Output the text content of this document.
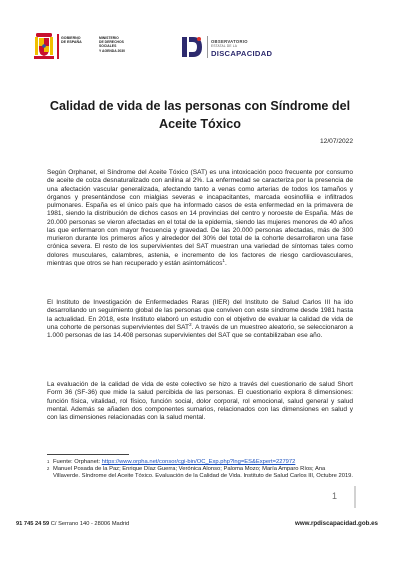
GOBIERNO
DE ESPAÑA
MINISTERIO
DE DERECHOS SOCIALES
Y AGENDA 2030
OBSERVATORIO
ESTATAL DE LA
DISCAPACIDAD
Calidad de vida de las personas con Síndrome del Aceite Tóxico
12/07/2022

Según Orphanet, el Síndrome del Aceite Tóxico (SAT) es una intoxicación poco frecuente por consumo de aceite de colza desnaturalizado con anilina al 2%. La enfermedad se caracteriza por la presencia de una afectación vascular generalizada, afectando tanto a venas como arterias de todos los tamaños y órganos y presentándose con mialgias severas e incapacitantes, marcada eosinofilia e infiltrados pulmonares. España es el único país que ha informado casos de esta enfermedad en la primavera de 1981, siendo la distribución de dichos casos en 14 provincias del centro y noroeste de España. Más de 20.000 personas se vieron afectadas en el total de la epidemia, siendo las mujeres menores de 40 años las que enfermaron con mayor frecuencia y gravedad. De las 20.000 personas afectadas, más de 300 murieron durante los primeros años y alrededor del 30% del total de la cohorte desarrollaron una fase crónica severa. El resto de los supervivientes del SAT muestran una variedad de síntomas tales como dolores musculares, calambres, astenia, e incremento de los factores de riesgo cardiovasculares, mientras que otros se han recuperado y están asintomáticos$^1$.

El Instituto de Investigación de Enfermedades Raras (IIER) del Instituto de Salud Carlos III ha ido desarrollando un seguimiento global de las personas que conviven con este síndrome desde 1981 hasta la actualidad. En 2018, este Instituto elaboró un estudio con el objetivo de evaluar la calidad de vida de una cohorte de personas supervivientes del SAT$^2$. A través de un muestreo aleatorio, se seleccionaron a 1.000 personas de las 14.408 personas supervivientes del SAT que se contabilizaban ese año.

La evaluación de la calidad de vida de este colectivo se hizo a través del cuestionario de salud Short Form 36 (SF-36) que mide la salud percibida de las personas. El cuestionario explora 8 dimensiones: función física, vitalidad, rol físico, función social, dolor corporal, rol emocional, salud general y salud mental. Además se añaden dos componentes sumarios, relacionados con las dimensiones en salud y con las dimensiones relacionadas con la salud mental.

1 Fuente: Orphanet: https://www.orpha.net/consor/cgi-bin/OC_Exp.php?lng=ES&Expert=227972
2 Manuel Posada de la Paz; Enrique Díaz Guerra; Verónica Alonso; Paloma Mozo; María Amparo Ríos; Ana Villaverde. Síndrome del Aceite Tóxico. Evaluación de la Calidad de Vida. Instituto de Salud Carlos III, Octubre 2019.
1
91 745 24 59 C/ Serrano 140 - 28006 Madrid	www.rpdiscapacidad.gob.es
